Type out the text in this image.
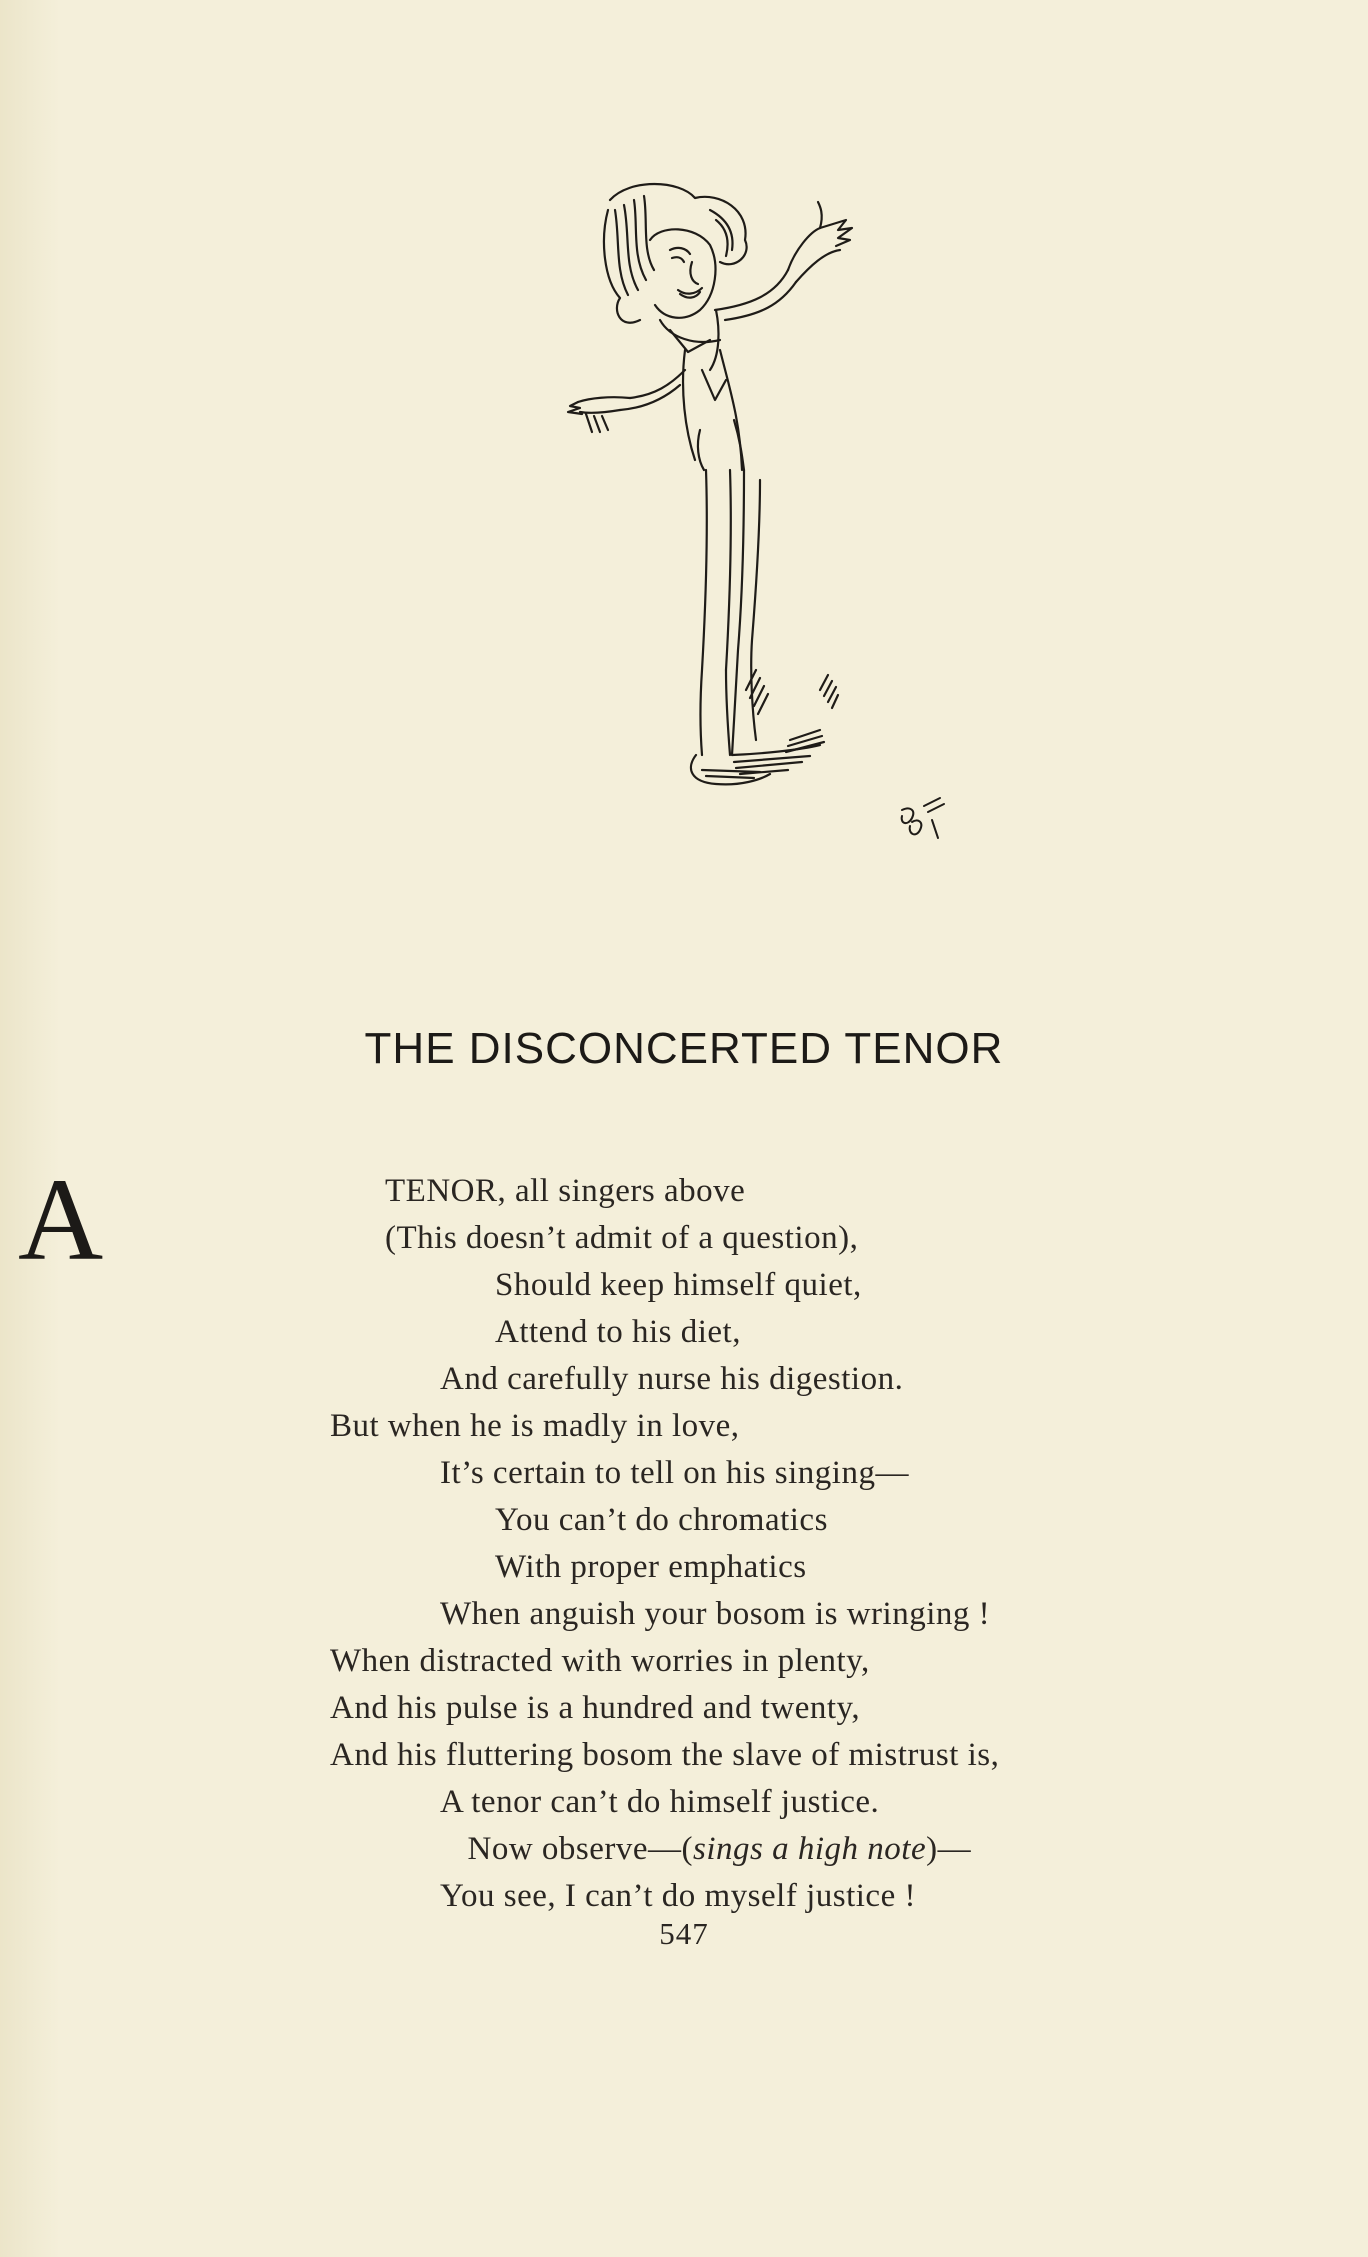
THE DISCONCERTED TENOR
A	TENOR, all singers above
(This doesn’t admit of a question),
Should keep himself quiet,
Attend to his diet,
And carefully nurse his digestion.
But when he is madly in love,
It’s certain to tell on his singing—
You can’t do chromatics
With proper emphatics
When anguish your bosom is wringing !
When distracted with worries in plenty,
And his pulse is a hundred and twenty,
And his fluttering bosom the slave of mistrust is,
A tenor can’t do himself justice.
Now observe—(sings a high note)—
You see, I can’t do myself justice !
547
